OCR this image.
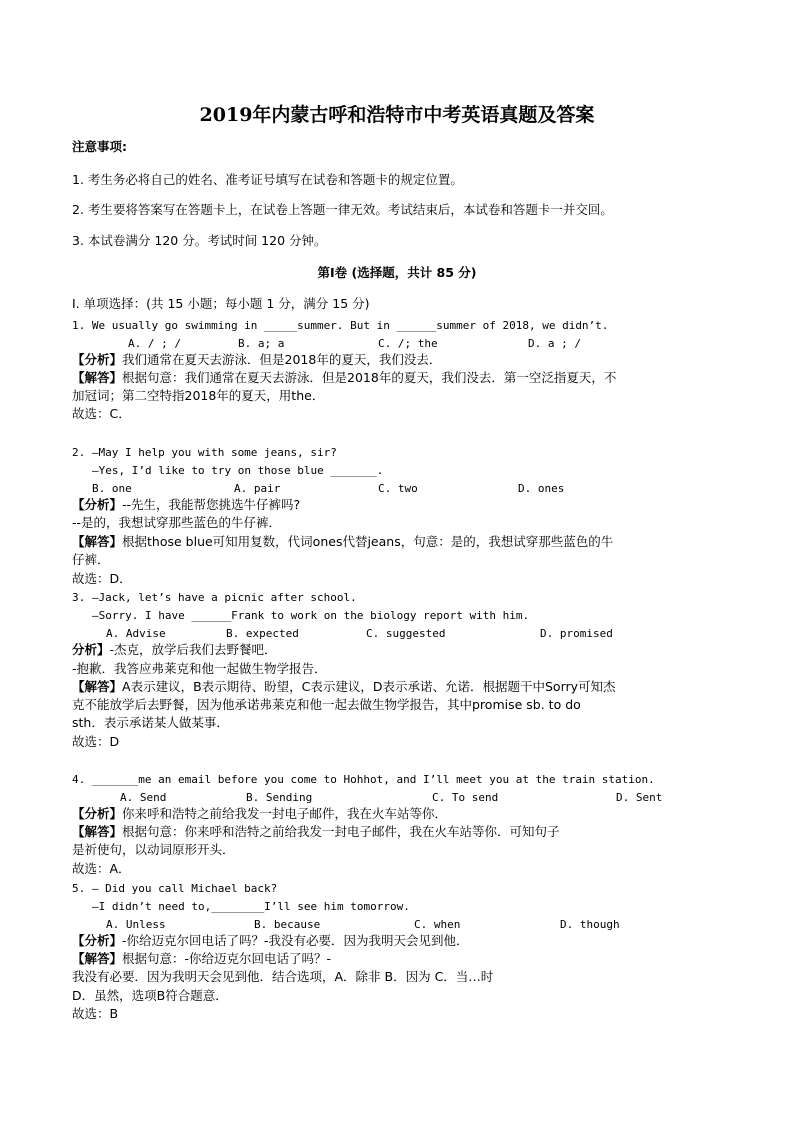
2019年内蒙古呼和浩特市中考英语真题及答案
注意事项:
1. 考生务必将自己的姓名、准考证号填写在试卷和答题卡的规定位置。
2. 考生要将答案写在答题卡上，在试卷上答题一律无效。考试结束后，本试卷和答题卡一并交回。
3. 本试卷满分 120 分。考试时间 120 分钟。
第Ⅰ卷 (选择题，共计 85 分)
I. 单项选择：(共 15 小题；每小题 1 分，满分 15 分)
1. We usually go swimming in _____summer. But in ______summer of 2018, we didn’t.
A. / ; /	B. a; a	C. /; the	D. a ; /
【分析】我们通常在夏天去游泳．但是2018年的夏天，我们没去．
【解答】根据句意：我们通常在夏天去游泳．但是2018年的夏天，我们没去．第一空泛指夏天，不
加冠词；第二空特指2018年的夏天，用the．
故选：C．
2. —May I help you with some jeans, sir?
—Yes, I’d like to try on those blue _______.
B. one	A. pair	C. two	D. ones
【分析】--先生，我能帮您挑选牛仔裤吗?
--是的，我想试穿那些蓝色的牛仔裤．
【解答】根据those blue可知用复数，代词ones代替jeans，句意：是的，我想试穿那些蓝色的牛
仔裤．
故选：D．
3. —Jack, let’s have a picnic after school.
—Sorry. I have ______Frank to work on the biology report with him.
A. Advise	B. expected	C. suggested	D. promised
分析】-杰克，放学后我们去野餐吧．
-抱歉．我答应弗莱克和他一起做生物学报告．
【解答】A表示建议，B表示期待、盼望，C表示建议，D表示承诺、允诺．根据题干中Sorry可知杰
克不能放学后去野餐，因为他承诺弗莱克和他一起去做生物学报告，其中promise sb. to do
sth．表示承诺某人做某事．
故选：D
4. _______me an email before you come to Hohhot, and I’ll meet you at the train station.
A. Send	B. Sending	C. To send	D. Sent
【分析】你来呼和浩特之前给我发一封电子邮件，我在火车站等你．
【解答】根据句意：你来呼和浩特之前给我发一封电子邮件，我在火车站等你．可知句子
是祈使句，以动词原形开头．
故选：A．
5. — Did you call Michael back?
—I didn’t need to,________I’ll see him tomorrow.
A. Unless	B. because	C. when	D. though
【分析】-你给迈克尔回电话了吗？-我没有必要．因为我明天会见到他．
【解答】根据句意：-你给迈克尔回电话了吗？-
我没有必要．因为我明天会见到他．结合选项，A．除非 B．因为 C．当…时
D．虽然，选项B符合题意．
故选：B
